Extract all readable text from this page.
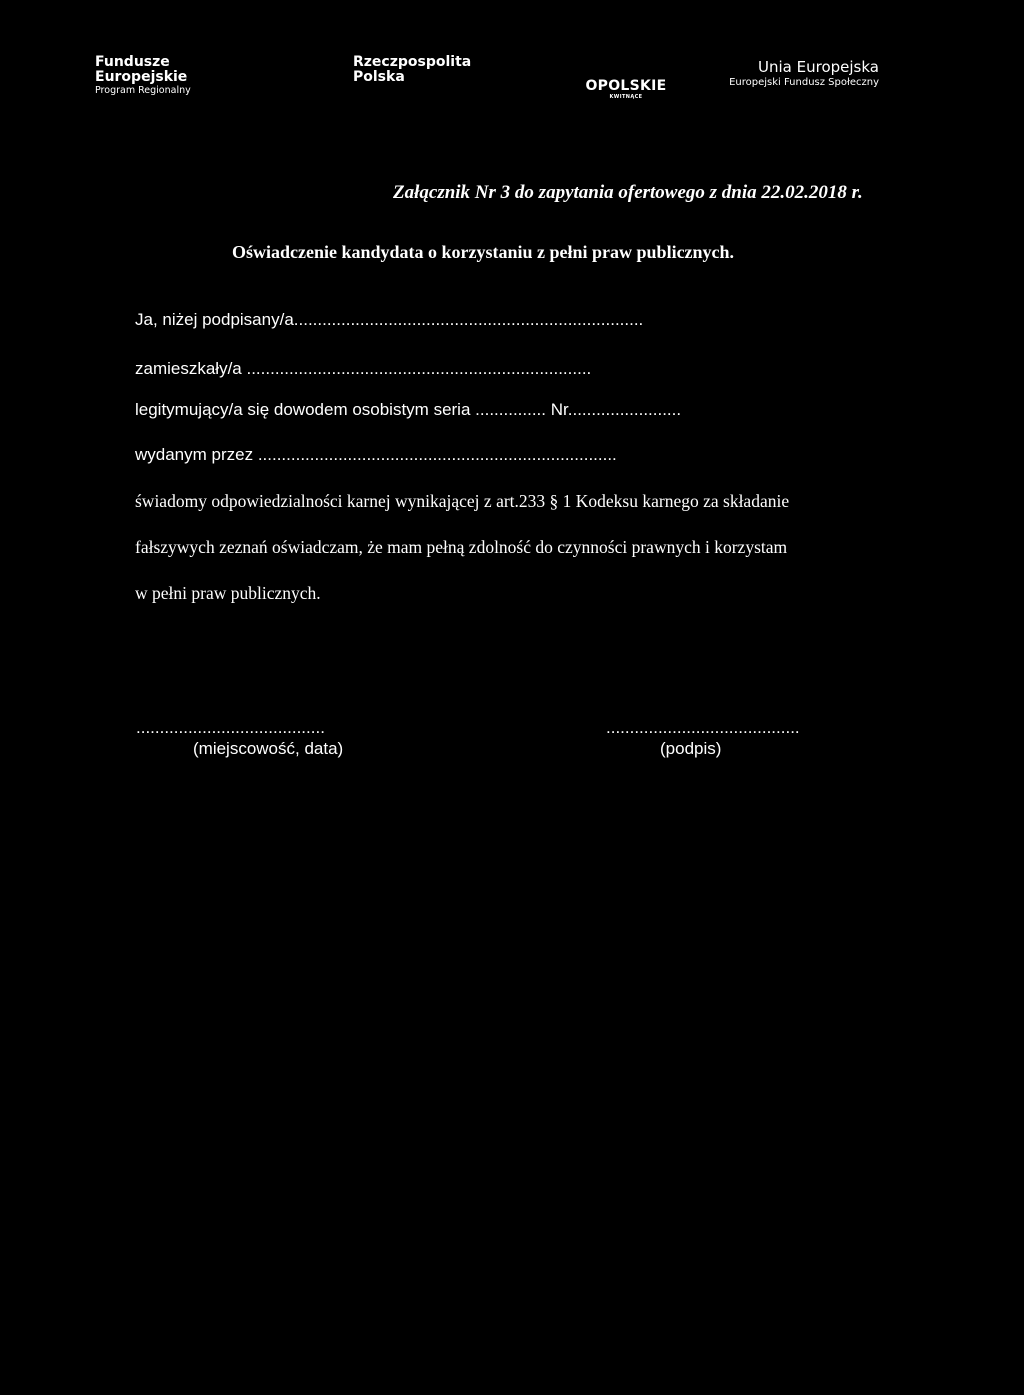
Fundusze
Europejskie
Program Regionalny
Rzeczpospolita
Polska
OPOLSKIE
KWITNĄCE
Unia Europejska
Europejski Fundusz Społeczny
Załącznik Nr 3 do zapytania ofertowego z dnia 22.02.2018 r.
Oświadczenie kandydata o korzystaniu z pełni praw publicznych.
Ja, niżej podpisany/a..........................................................................
zamieszkały/a .........................................................................
legitymujący/a się dowodem osobistym seria ............... Nr........................
wydanym przez ............................................................................
świadomy odpowiedzialności karnej wynikającej z art.233 § 1 Kodeksu karnego za składanie
fałszywych zeznań oświadczam, że mam pełną zdolność do czynności prawnych i korzystam
w pełni praw publicznych.
........................................
(miejscowość, data)
.........................................
(podpis)
